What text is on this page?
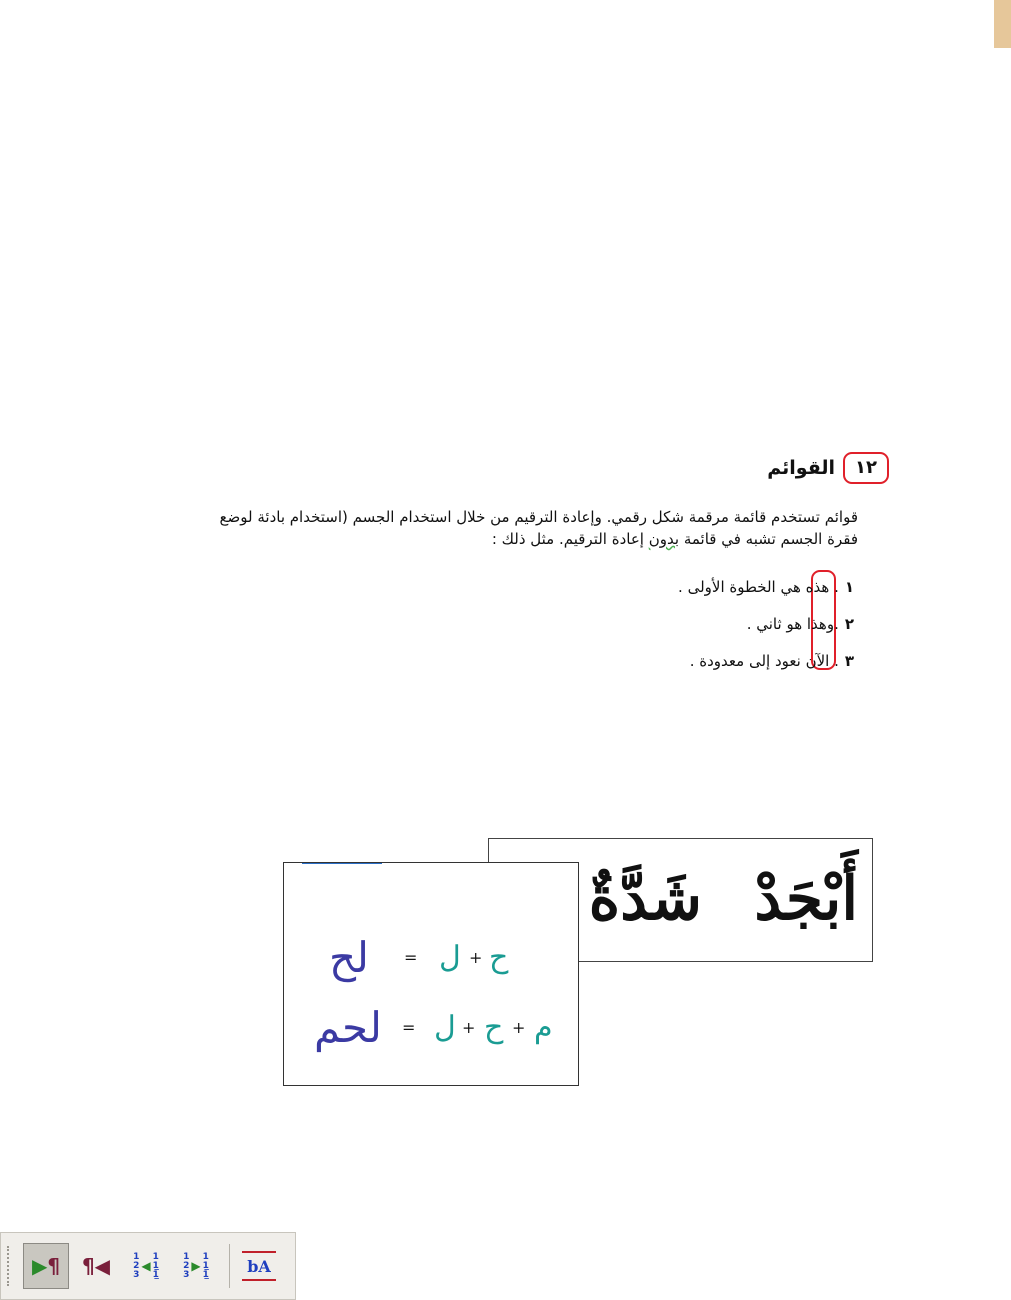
١٢
القوائم
قوائم تستخدم قائمة مرقمة شكل رقمي. وإعادة الترقيم من خلال استخدام الجسم (استخدام بادئة لوضع
فقرة الجسم تشبه في قائمة بدون إعادة الترقيم. مثل ذلك :
١
. هذه هي الخطوة الأولى .
٢
.وهذا هو ثاني .
٣
. الآن نعود إلى معدودة .
أَبْجَدْ
شَدَّةٌ
ح
+
ل
=
لح
م
+
ح
+
ل
=
لحم
▶¶ ¶◀	1
2
3
◀
1
1̲
1̲
1
2
3
▶
1
1̲
1̲ bA
